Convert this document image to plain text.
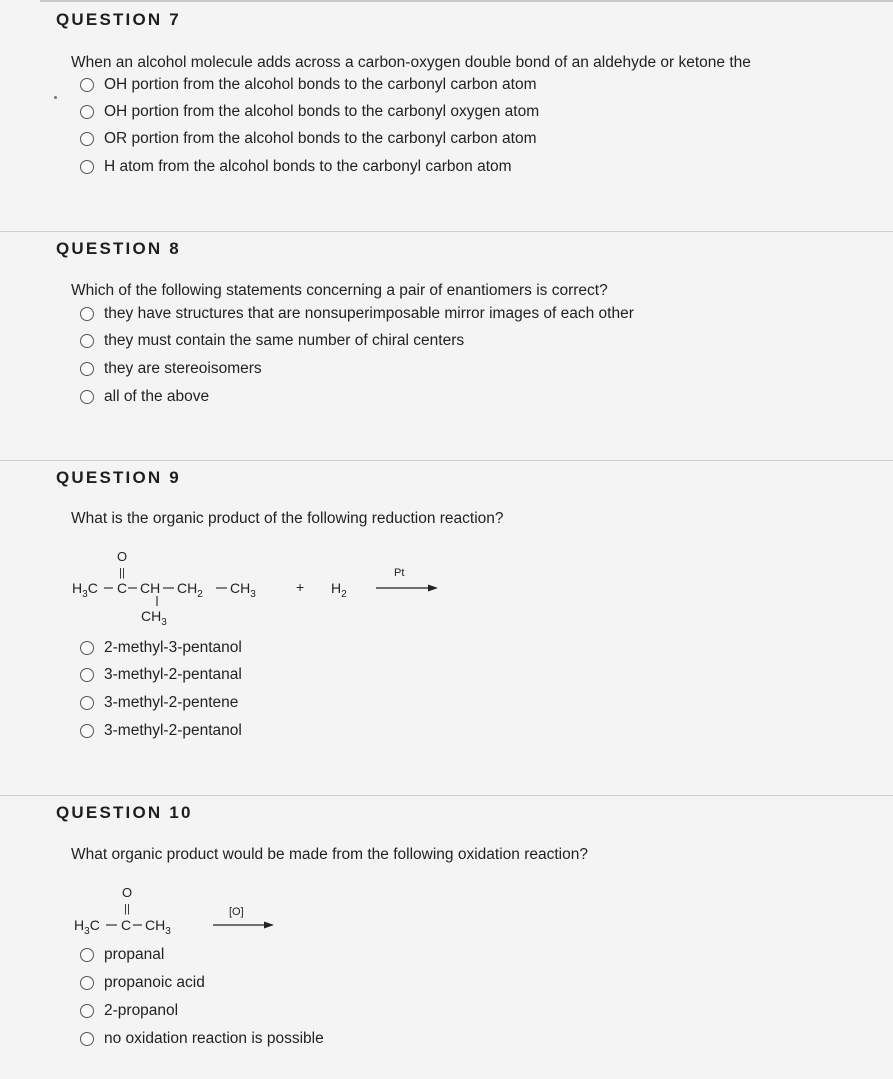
QUESTION 7
When an alcohol molecule adds across a carbon-oxygen double bond of an aldehyde or ketone the
OH portion from the alcohol bonds to the carbonyl carbon atom
OH portion from the alcohol bonds to the carbonyl oxygen atom
OR portion from the alcohol bonds to the carbonyl carbon atom
H atom from the alcohol bonds to the carbonyl carbon atom
QUESTION 8
Which of the following statements concerning a pair of enantiomers is correct?
they have structures that are nonsuperimposable mirror images of each other
they must contain the same number of chiral centers
they are stereoisomers
all of the above
QUESTION 9
What is the organic product of the following reduction reaction?
O
||
$H_3C$ C CH $CH_2$ $CH_3$
$CH_3$
+ $H_2$
Pt
2-methyl-3-pentanol
3-methyl-2-pentanal
3-methyl-2-pentene
3-methyl-2-pentanol
QUESTION 10
What organic product would be made from the following oxidation reaction?
O
||
$H_3C$ C $CH_3$
[O]
propanal
propanoic acid
2-propanol
no oxidation reaction is possible
